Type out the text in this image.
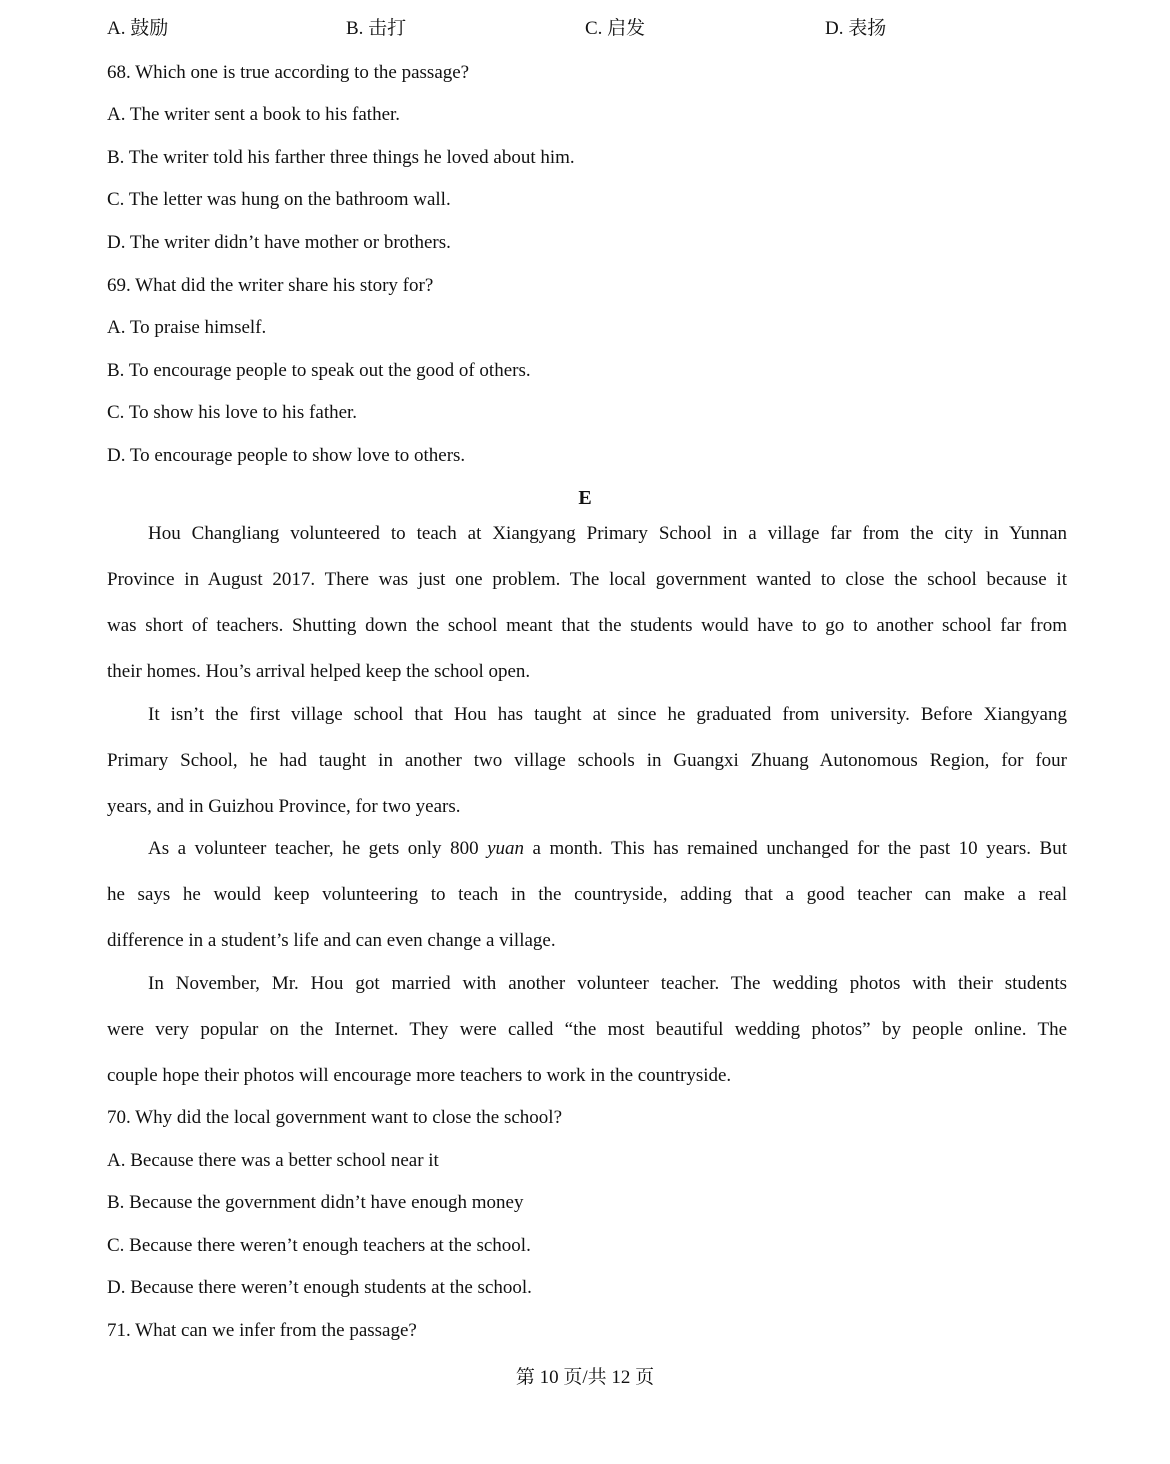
A. 鼓励	B. 击打	C. 启发	D. 表扬
68. Which one is true according to the passage?
A. The writer sent a book to his father.
B. The writer told his farther three things he loved about him.
C. The letter was hung on the bathroom wall.
D. The writer didn’t have mother or brothers.
69. What did the writer share his story for?
A. To praise himself.
B. To encourage people to speak out the good of others.
C. To show his love to his father.
D. To encourage people to show love to others.
E
Hou Changliang volunteered to teach at Xiangyang Primary School in a village far from the city in Yunnan
Province in August 2017. There was just one problem. The local government wanted to close the school because it
was short of teachers. Shutting down the school meant that the students would have to go to another school far from
their homes. Hou’s arrival helped keep the school open.
It isn’t the first village school that Hou has taught at since he graduated from university. Before Xiangyang
Primary School, he had taught in another two village schools in Guangxi Zhuang Autonomous Region, for four
years, and in Guizhou Province, for two years.
As a volunteer teacher, he gets only 800 yuan a month. This has remained unchanged for the past 10 years. But
he says he would keep volunteering to teach in the countryside, adding that a good teacher can make a real
difference in a student’s life and can even change a village.
In November, Mr. Hou got married with another volunteer teacher. The wedding photos with their students
were very popular on the Internet. They were called “the most beautiful wedding photos” by people online. The
couple hope their photos will encourage more teachers to work in the countryside.
70. Why did the local government want to close the school?
A. Because there was a better school near it
B. Because the government didn’t have enough money
C. Because there weren’t enough teachers at the school.
D. Because there weren’t enough students at the school.
71. What can we infer from the passage?
第 10 页/共 12 页
